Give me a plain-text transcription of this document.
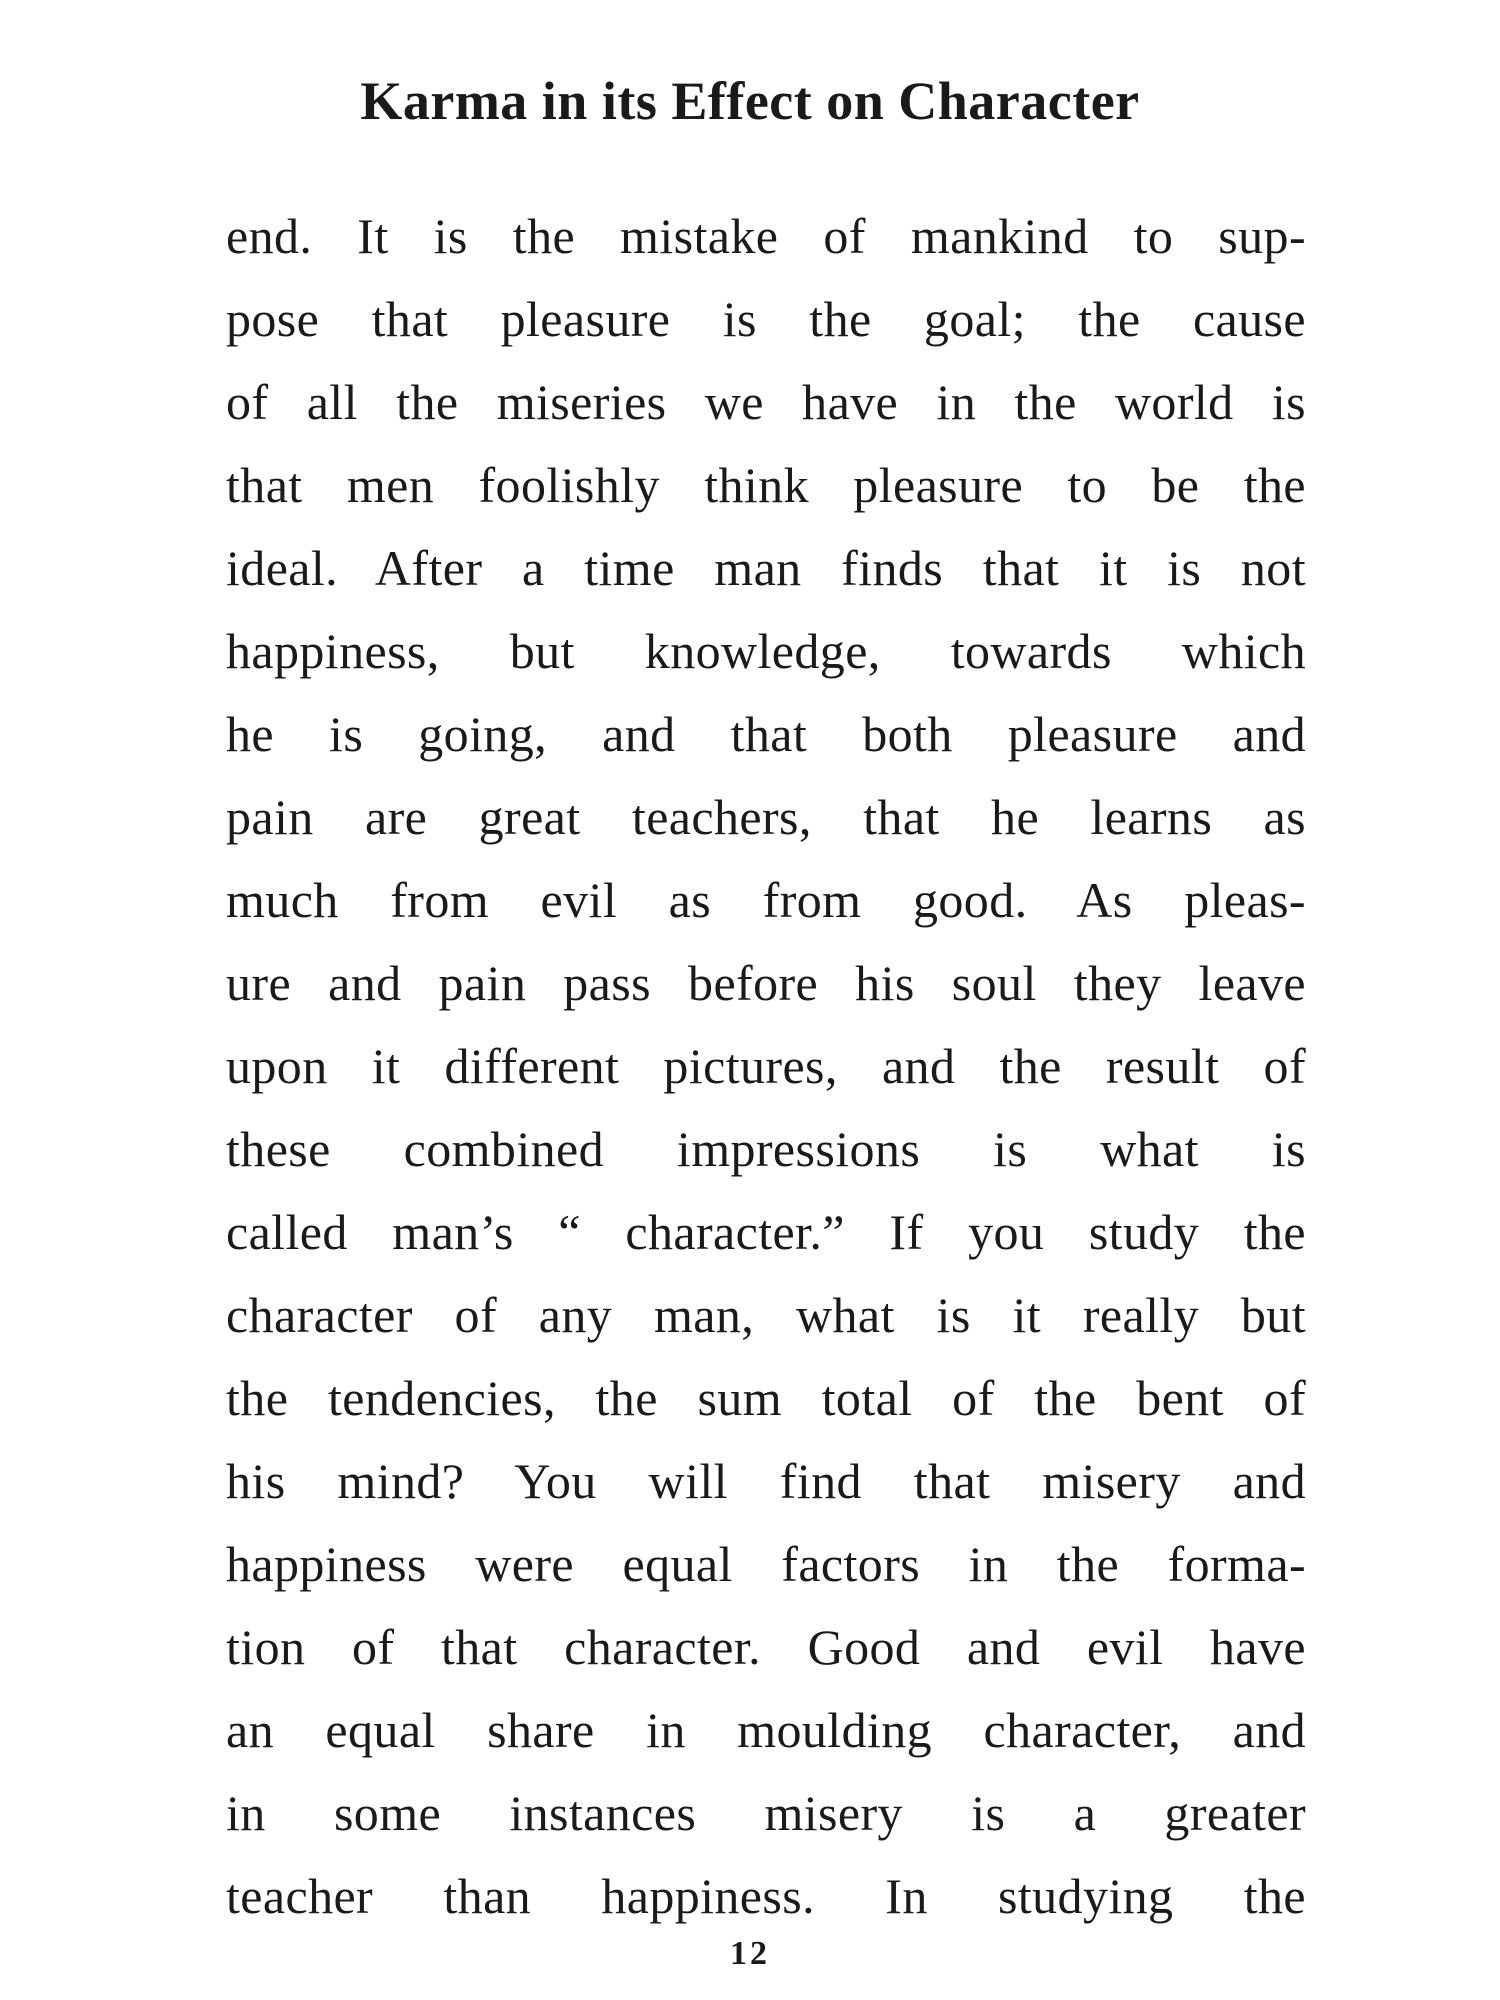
Karma in its Effect on Character
end. It is the mistake of mankind to sup-
pose that pleasure is the goal; the cause
of all the miseries we have in the world is
that men foolishly think pleasure to be the
ideal. After a time man finds that it is not
happiness, but knowledge, towards which
he is going, and that both pleasure and
pain are great teachers, that he learns as
much from evil as from good. As pleas-
ure and pain pass before his soul they leave
upon it different pictures, and the result of
these combined impressions is what is
called man’s “ character.” If you study the
character of any man, what is it really but
the tendencies, the sum total of the bent of
his mind? You will find that misery and
happiness were equal factors in the forma-
tion of that character. Good and evil have
an equal share in moulding character, and
in some instances misery is a greater
teacher than happiness. In studying the
12
